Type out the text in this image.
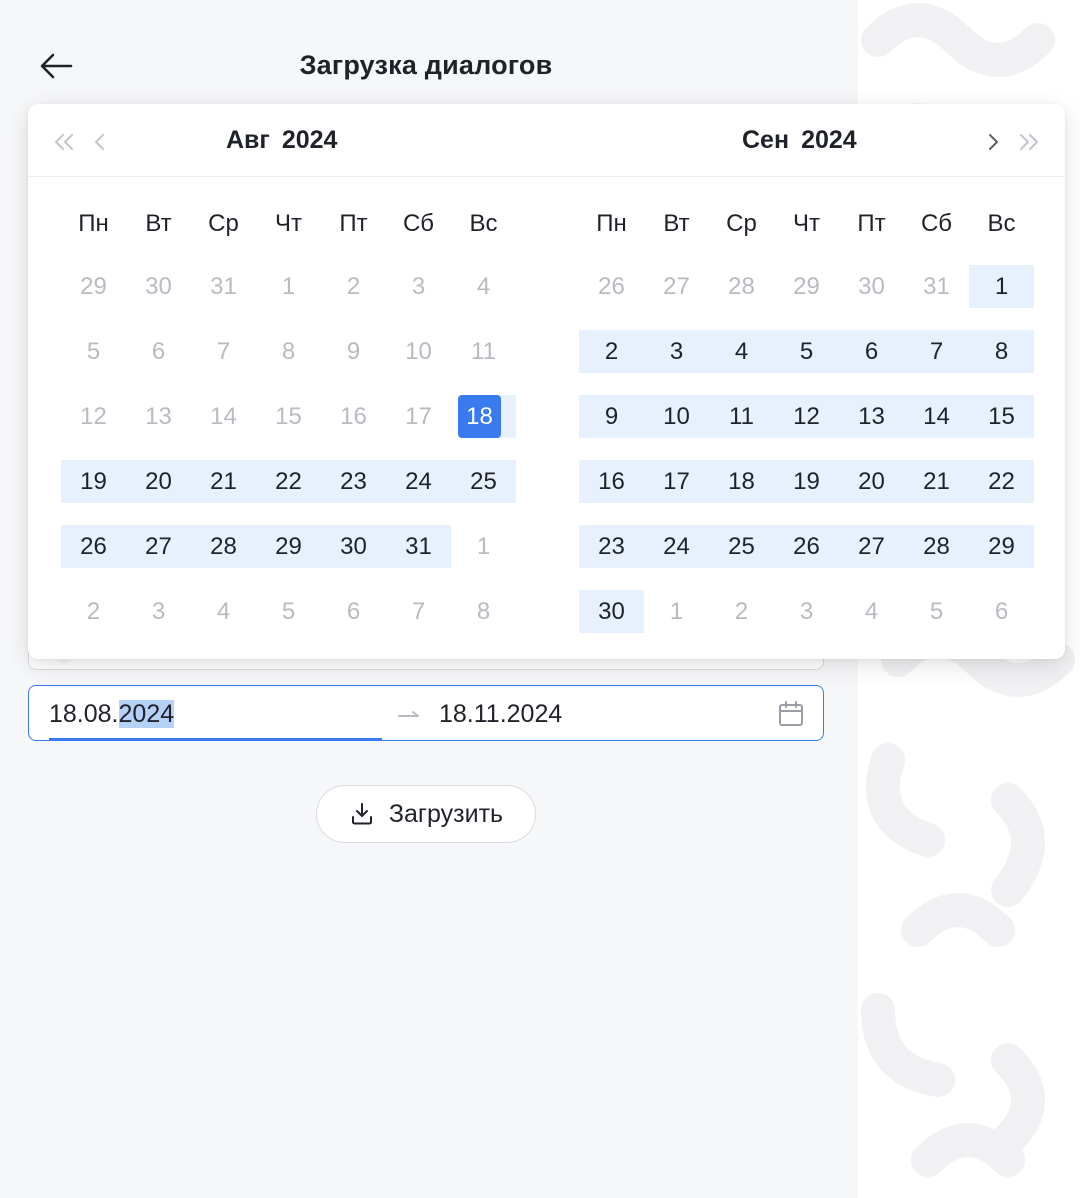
Загрузка диалогов
Авг 2024	Сен 2024
Пн	Вт	Ср	Чт	Пт	Сб	Вс
29	30	31	1	2	3	4
5	6	7	8	9	10	11
12	13	14	15	16	17	18
19	20	21	22	23	24	25
26	27	28	29	30	31	1
2	3	4	5	6	7	8
Пн	Вт	Ср	Чт	Пт	Сб	Вс
26	27	28	29	30	31	1
2	3	4	5	6	7	8
9	10	11	12	13	14	15
16	17	18	19	20	21	22
23	24	25	26	27	28	29
30	1	2	3	4	5	6
18.08.2024	18.11.2024
Загрузить
